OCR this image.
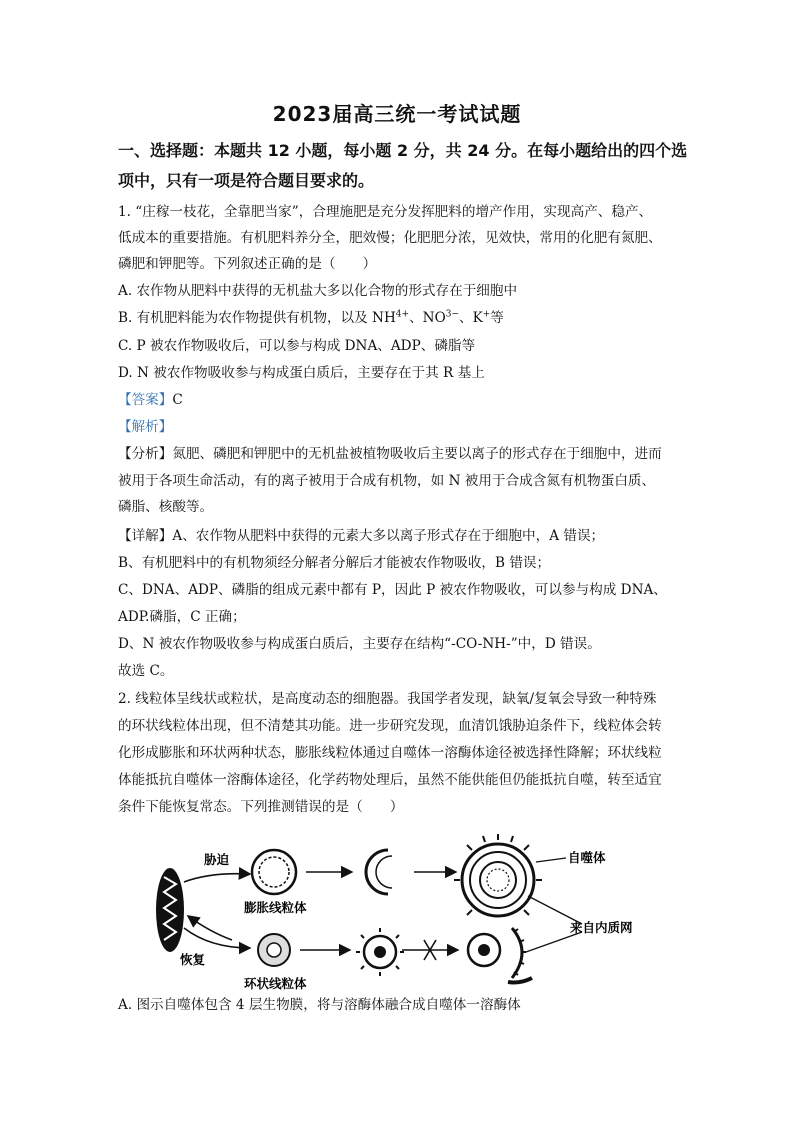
2023届高三统一考试试题
一、选择题：本题共 12 小题，每小题 2 分，共 24 分。在每小题给出的四个选
项中，只有一项是符合题目要求的。
1. “庄稼一枝花，全靠肥当家”，合理施肥是充分发挥肥料的增产作用，实现高产、稳产、
低成本的重要措施。有机肥料养分全，肥效慢；化肥肥分浓，见效快，常用的化肥有氮肥、
磷肥和钾肥等。下列叙述正确的是（　　）
A. 农作物从肥料中获得的无机盐大多以化合物的形式存在于细胞中
B. 有机肥料能为农作物提供有机物，以及 $NH^{4+}$、$NO^{3-}$、K+等
C. P 被农作物吸收后，可以参与构成 DNA、ADP、磷脂等
D. N 被农作物吸收参与构成蛋白质后，主要存在于其 R 基上
【答案】C
【解析】
【分析】氮肥、磷肥和钾肥中的无机盐被植物吸收后主要以离子的形式存在于细胞中，进而
被用于各项生命活动，有的离子被用于合成有机物，如 N 被用于合成含氮有机物蛋白质、
磷脂、核酸等。
【详解】A、农作物从肥料中获得的元素大多以离子形式存在于细胞中，A 错误；
B、有机肥料中的有机物须经分解者分解后才能被农作物吸收，B 错误；
C、DNA、ADP、磷脂的组成元素中都有 P，因此 P 被农作物吸收，可以参与构成 DNA、
ADP.磷脂，C 正确；
D、N 被农作物吸收参与构成蛋白质后，主要存在结构“-CO-NH-”中，D 错误。
故选 C。
2. 线粒体呈线状或粒状，是高度动态的细胞器。我国学者发现，缺氧/复氧会导致一种特殊
的环状线粒体出现，但不清楚其功能。进一步研究发现，血清饥饿胁迫条件下，线粒体会转
化形成膨胀和环状两种状态，膨胀线粒体通过自噬体一溶酶体途径被选择性降解；环状线粒
体能抵抗自噬体一溶酶体途径，化学药物处理后，虽然不能供能但仍能抵抗自噬，转至适宜
条件下能恢复常态。下列推测错误的是（　　）
胁迫
恢复
膨胀线粒体
环状线粒体
自噬体
来自内质网
A. 图示自噬体包含 4 层生物膜，将与溶酶体融合成自噬体一溶酶体
